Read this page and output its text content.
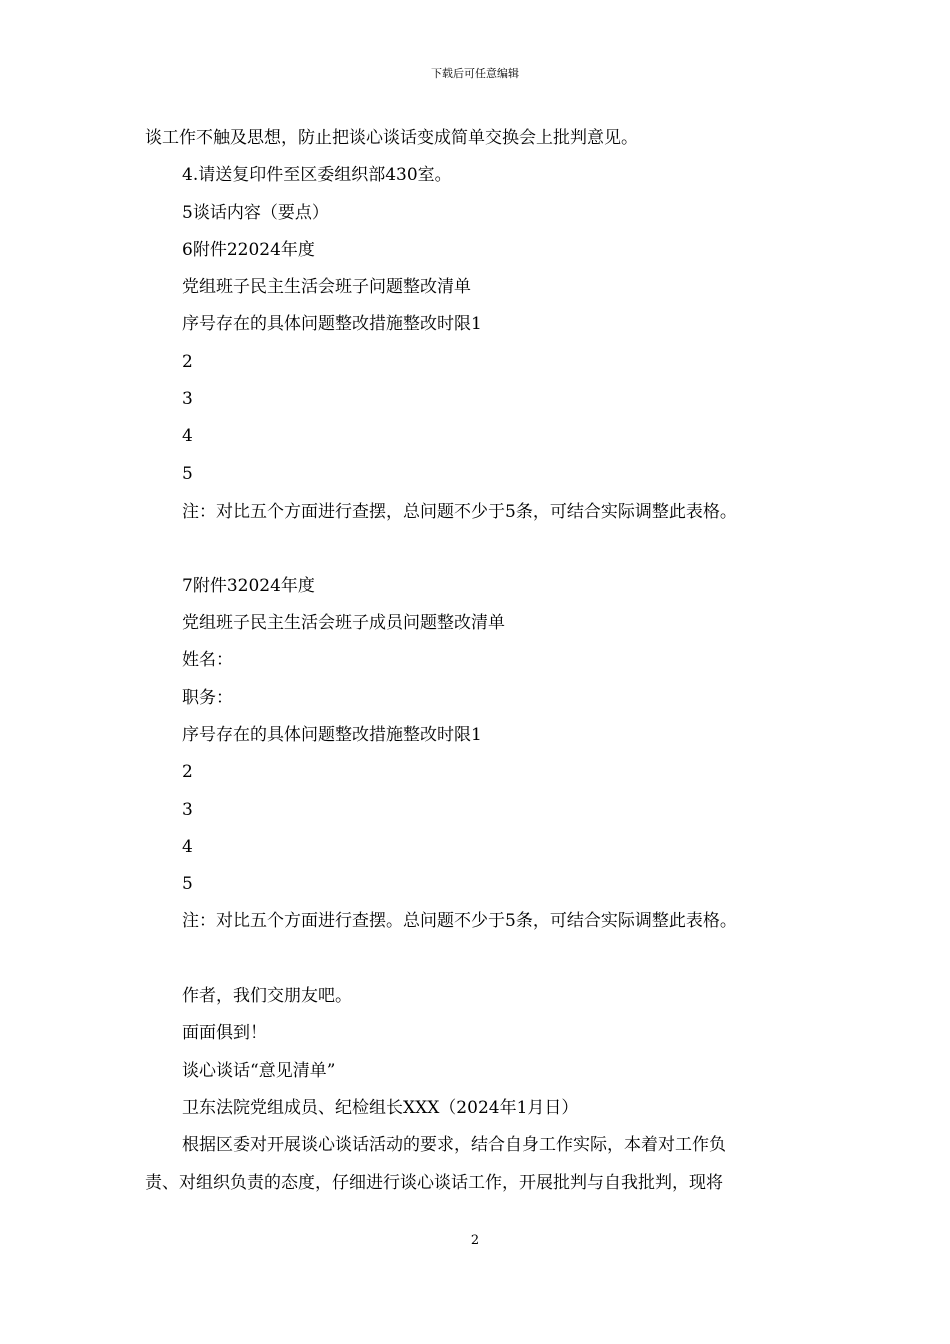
下载后可任意编辑
谈工作不触及思想，防止把谈心谈话变成简单交换会上批判意见。
4.请送复印件至区委组织部430室。
5谈话内容（要点）
6附件22024年度
党组班子民主生活会班子问题整改清单
序号存在的具体问题整改措施整改时限1
2
3
4
5
注：对比五个方面进行查摆，总问题不少于5条，可结合实际调整此表格。
7附件32024年度
党组班子民主生活会班子成员问题整改清单
姓名：
职务：
序号存在的具体问题整改措施整改时限1
2
3
4
5
注：对比五个方面进行查摆。总问题不少于5条，可结合实际调整此表格。
作者，我们交朋友吧。
面面俱到！
谈心谈话“意见清单”
卫东法院党组成员、纪检组长XXX（2024年1月日）
根据区委对开展谈心谈话活动的要求，结合自身工作实际，本着对工作负
责、对组织负责的态度，仔细进行谈心谈话工作，开展批判与自我批判，现将
2
